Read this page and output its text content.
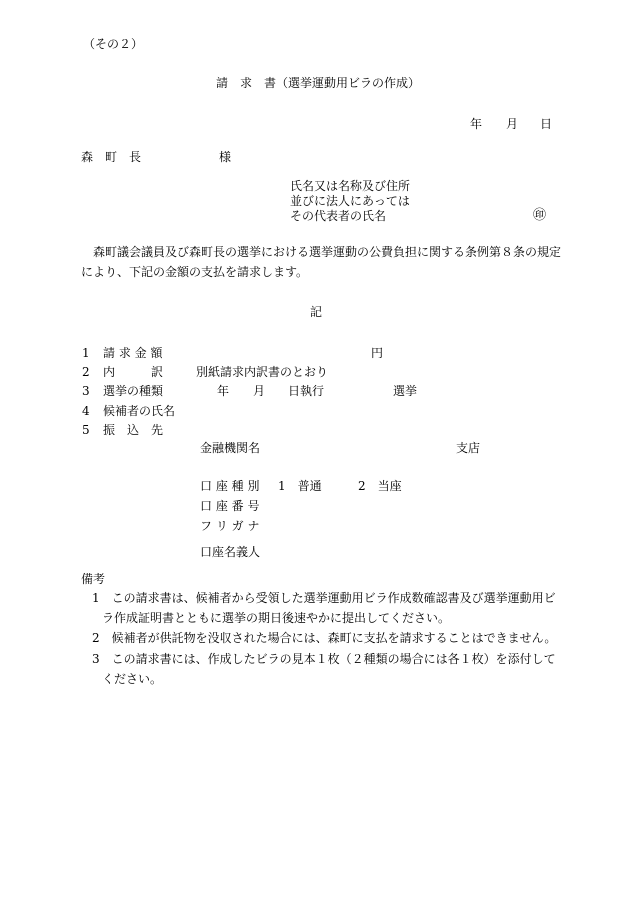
（その２）
請　求　書（選挙運動用ビラの作成）
年 月 日
森　町　長	様
氏名又は名称及び住所
並びに法人にあっては
その代表者の氏名	㊞
森町議会議員及び森町長の選挙における選挙運動の公費負担に関する条例第８条の規定
により、下記の金額の支払を請求します。
記
1 請 求 金 額	円
2 内　　　訳	別紙請求内訳書のとおり
3 選挙の種類	年 月 日執行	選挙
4 候補者の氏名
5 振　込　先
金融機関名	支店
口 座 種 別 1　普通	2　当座
口 座 番 号
フ リ ガ ナ
口座名義人
備考
1　この請求書は、候補者から受領した選挙運動用ビラ作成数確認書及び選挙運動用ビ
ラ作成証明書とともに選挙の期日後速やかに提出してください。
2　候補者が供託物を没収された場合には、森町に支払を請求することはできません。
3　この請求書には、作成したビラの見本１枚（２種類の場合には各１枚）を添付して
ください。
